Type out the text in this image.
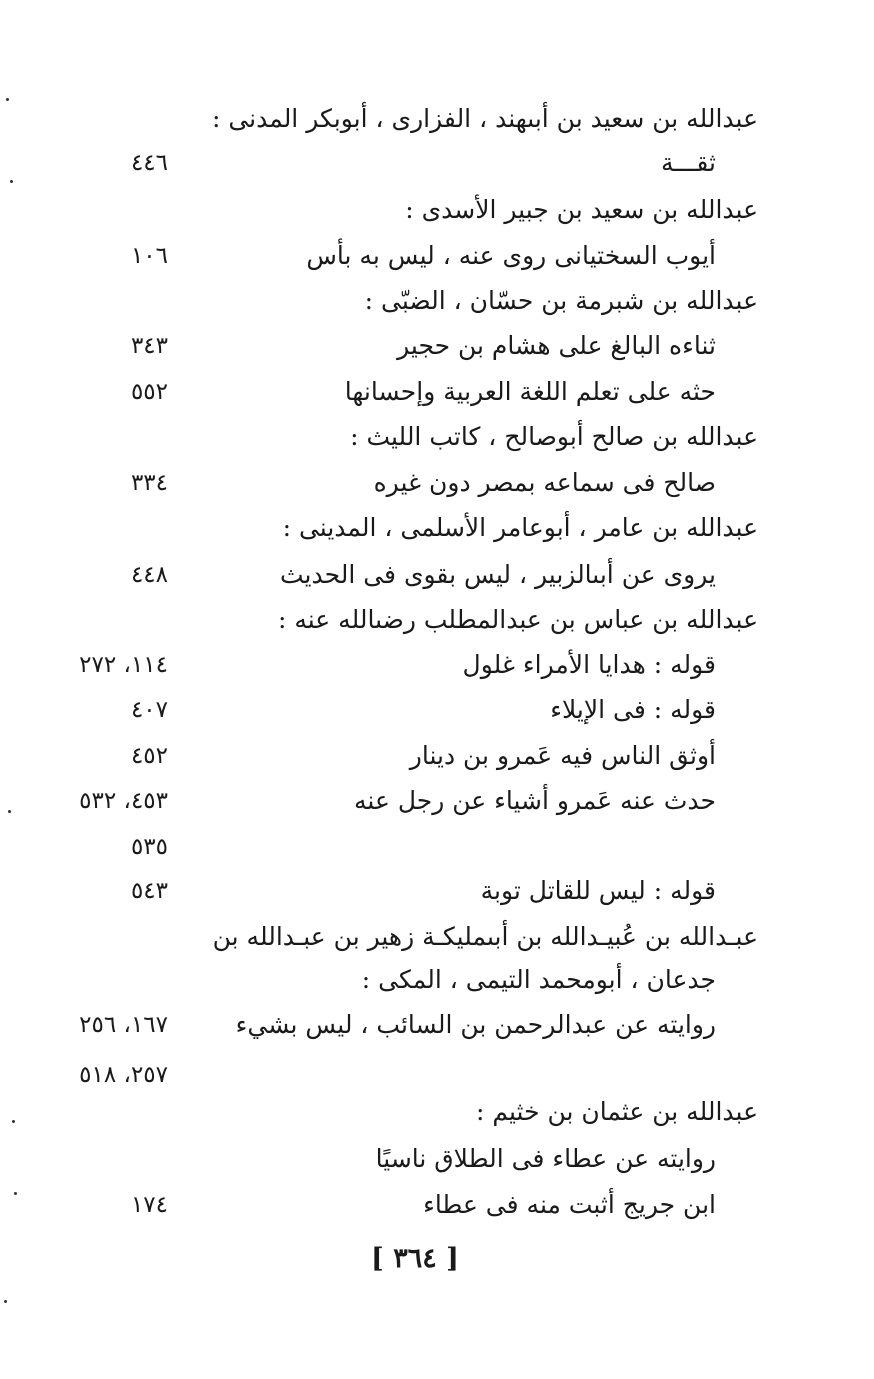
عبدالله بن سعيد بن أبىهند ، الفزارى ، أبوبكر المدنى :
ثقـــة
٤٤٦
عبدالله بن سعيد بن جبير الأسدى :
أيوب السختيانى روى عنه ، ليس به بأس
١٠٦
عبدالله بن شبرمة بن حسّان ، الضبّى :
ثناءه البالغ على هشام بن حجير
٣٤٣
حثه على تعلم اللغة العربية وإحسانها
٥٥٢
عبدالله بن صالح أبوصالح ، كاتب الليث :
صالح فى سماعه بمصر دون غيره
٣٣٤
عبدالله بن عامر ، أبوعامر الأسلمى ، المدينى :
يروى عن أبىالزبير ، ليس بقوى فى الحديث
٤٤٨
عبدالله بن عباس بن عبدالمطلب رضىالله عنه :
قوله : هدايا الأمراء غلول
١١٤، ٢٧٢
قوله : فى الإيلاء
٤٠٧
أوثق الناس فيه عَمرو بن دينار
٤٥٢
حدث عنه عَمرو أشياء عن رجل عنه
٤٥٣، ٥٣٢
٥٣٥
قوله : ليس للقاتل توبة
٥٤٣
عبـدالله بن عُبيـدالله بن أبىمليكـة زهير بن عبـدالله بن
جدعان ، أبومحمد التيمى ، المكى :
روايته عن عبدالرحمن بن السائب ، ليس بشيء
١٦٧، ٢٥٦
٢٥٧، ٥١٨
عبدالله بن عثمان بن خثيم :
روايته عن عطاء فى الطلاق ناسيًا
ابن جريج أثبت منه فى عطاء
١٧٤
[ ٣٦٤ ]
